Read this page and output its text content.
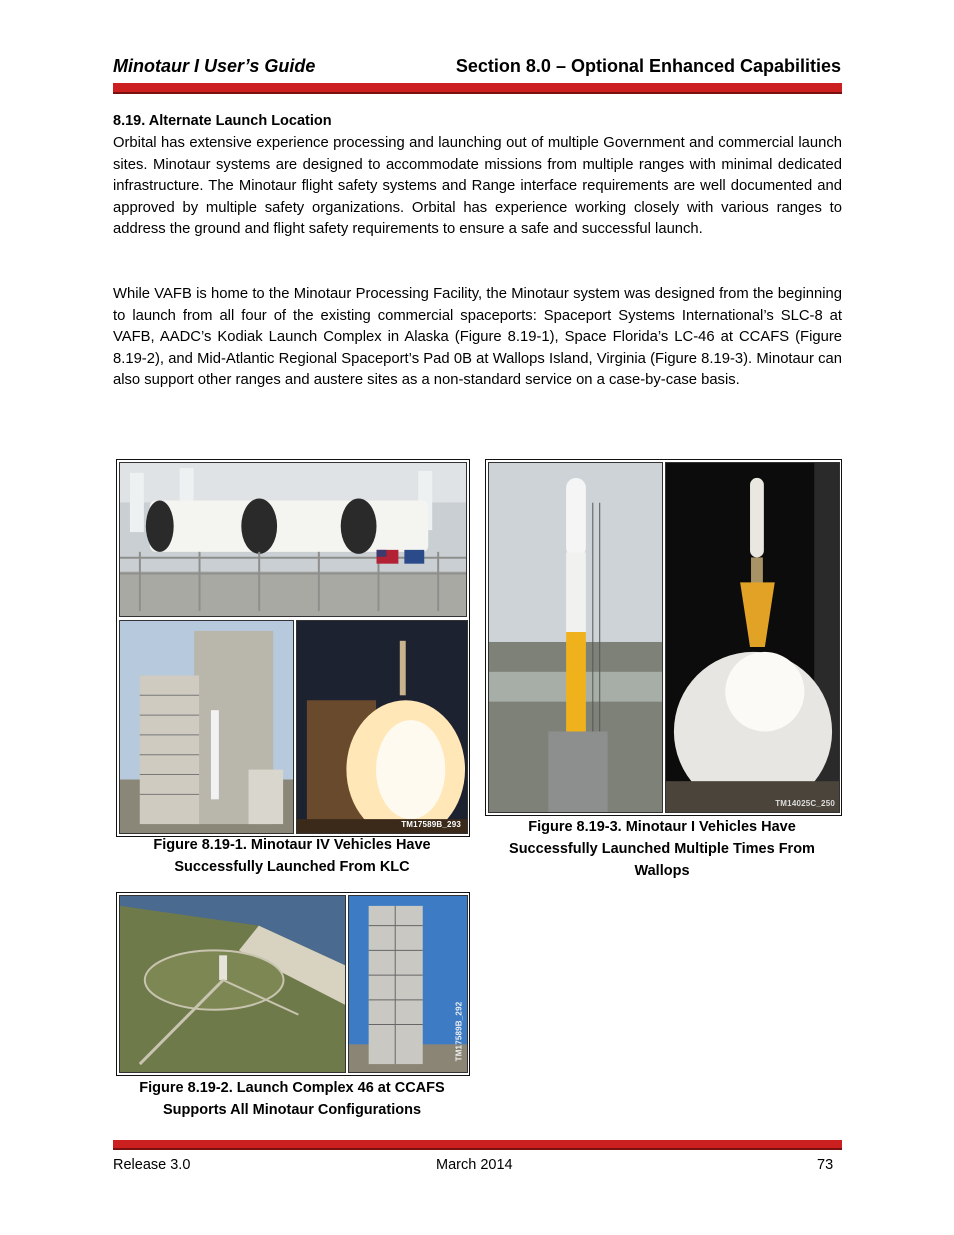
Minotaur I User’s Guide	Section 8.0 – Optional Enhanced Capabilities
8.19. Alternate Launch Location

Orbital has extensive experience processing and launching out of multiple Government and commercial launch sites. Minotaur systems are designed to accommodate missions from multiple ranges with minimal dedicated infrastructure. The Minotaur flight safety systems and Range interface requirements are well documented and approved by multiple safety organizations. Orbital has experience working closely with various ranges to address the ground and flight safety requirements to ensure a safe and successful launch.

While VAFB is home to the Minotaur Processing Facility, the Minotaur system was designed from the beginning to launch from all four of the existing commercial spaceports: Spaceport Systems International’s SLC-8 at VAFB, AADC’s Kodiak Launch Complex in Alaska (Figure 8.19-1), Space Florida’s LC-46 at CCAFS (Figure 8.19-2), and Mid-Atlantic Regional Spaceport’s Pad 0B at Wallops Island, Virginia (Figure 8.19-3). Minotaur can also support other ranges and austere sites as a non-standard service on a case-by-case basis.

TM17589B_293
Figure 8.19-1. Minotaur IV Vehicles Have
Successfully Launched From KLC
TM14025C_250
Figure 8.19-3. Minotaur I Vehicles Have
Successfully Launched Multiple Times From
Wallops
TM17589B_292
Figure 8.19-2. Launch Complex 46 at CCAFS
Supports All Minotaur Configurations
Release 3.0	March 2014	73
